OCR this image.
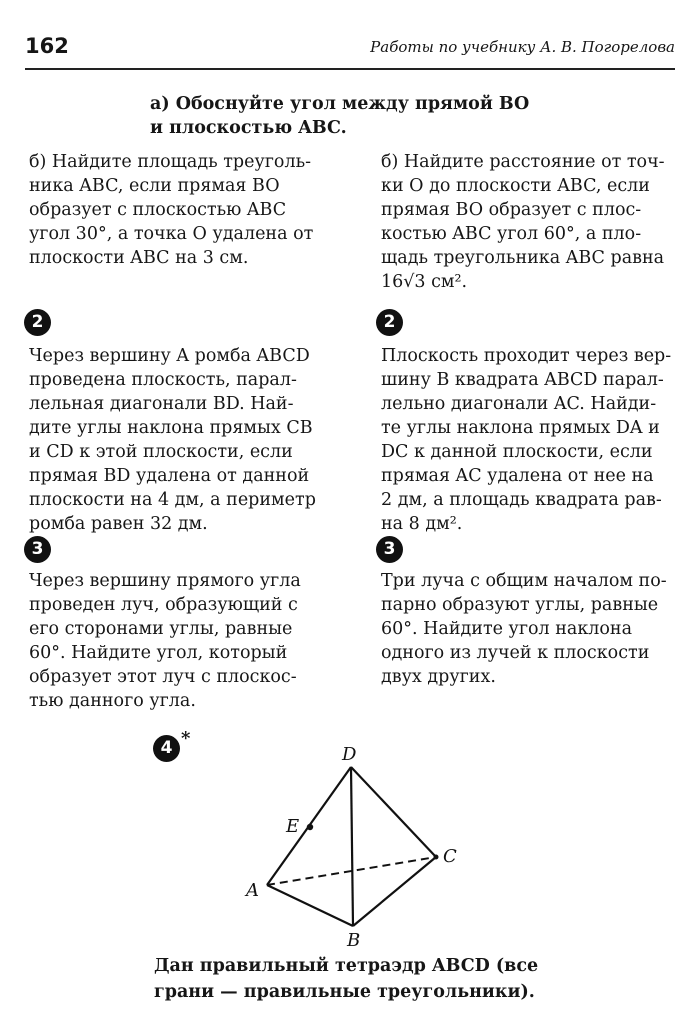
162	Работы по учебнику А. В. Погорелова
а) Обоснуйте угол между прямой BO
и плоскостью ABC.
б) Найдите площадь треуголь-
ника ABC, если прямая BO
образует с плоскостью ABC
угол 30°, а точка O удалена от
плоскости ABC на 3 см.
б) Найдите расстояние от точ-
ки O до плоскости ABC, если
прямая BO образует с плос-
костью ABC угол 60°, а пло-
щадь треугольника ABC равна
16√3 см².
2	2
Через вершину A ромба ABCD
проведена плоскость, парал-
лельная диагонали BD. Най-
дите углы наклона прямых CB
и CD к этой плоскости, если
прямая BD удалена от данной
плоскости на 4 дм, а периметр
ромба равен 32 дм.
Плоскость проходит через вер-
шину B квадрата ABCD парал-
лельно диагонали AC. Найди-
те углы наклона прямых DA и
DC к данной плоскости, если
прямая AC удалена от нее на
2 дм, а площадь квадрата рав-
на 8 дм².
3	3
Через вершину прямого угла
проведен луч, образующий с
его сторонами углы, равные
60°. Найдите угол, который
образует этот луч с плоскос-
тью данного угла.
Три луча с общим началом по-
парно образуют углы, равные
60°. Найдите угол наклона
одного из лучей к плоскости
двух других.
4 *
D
E
C
A
B
Дан правильный тетраэдр ABCD (все
грани — правильные треугольники).
